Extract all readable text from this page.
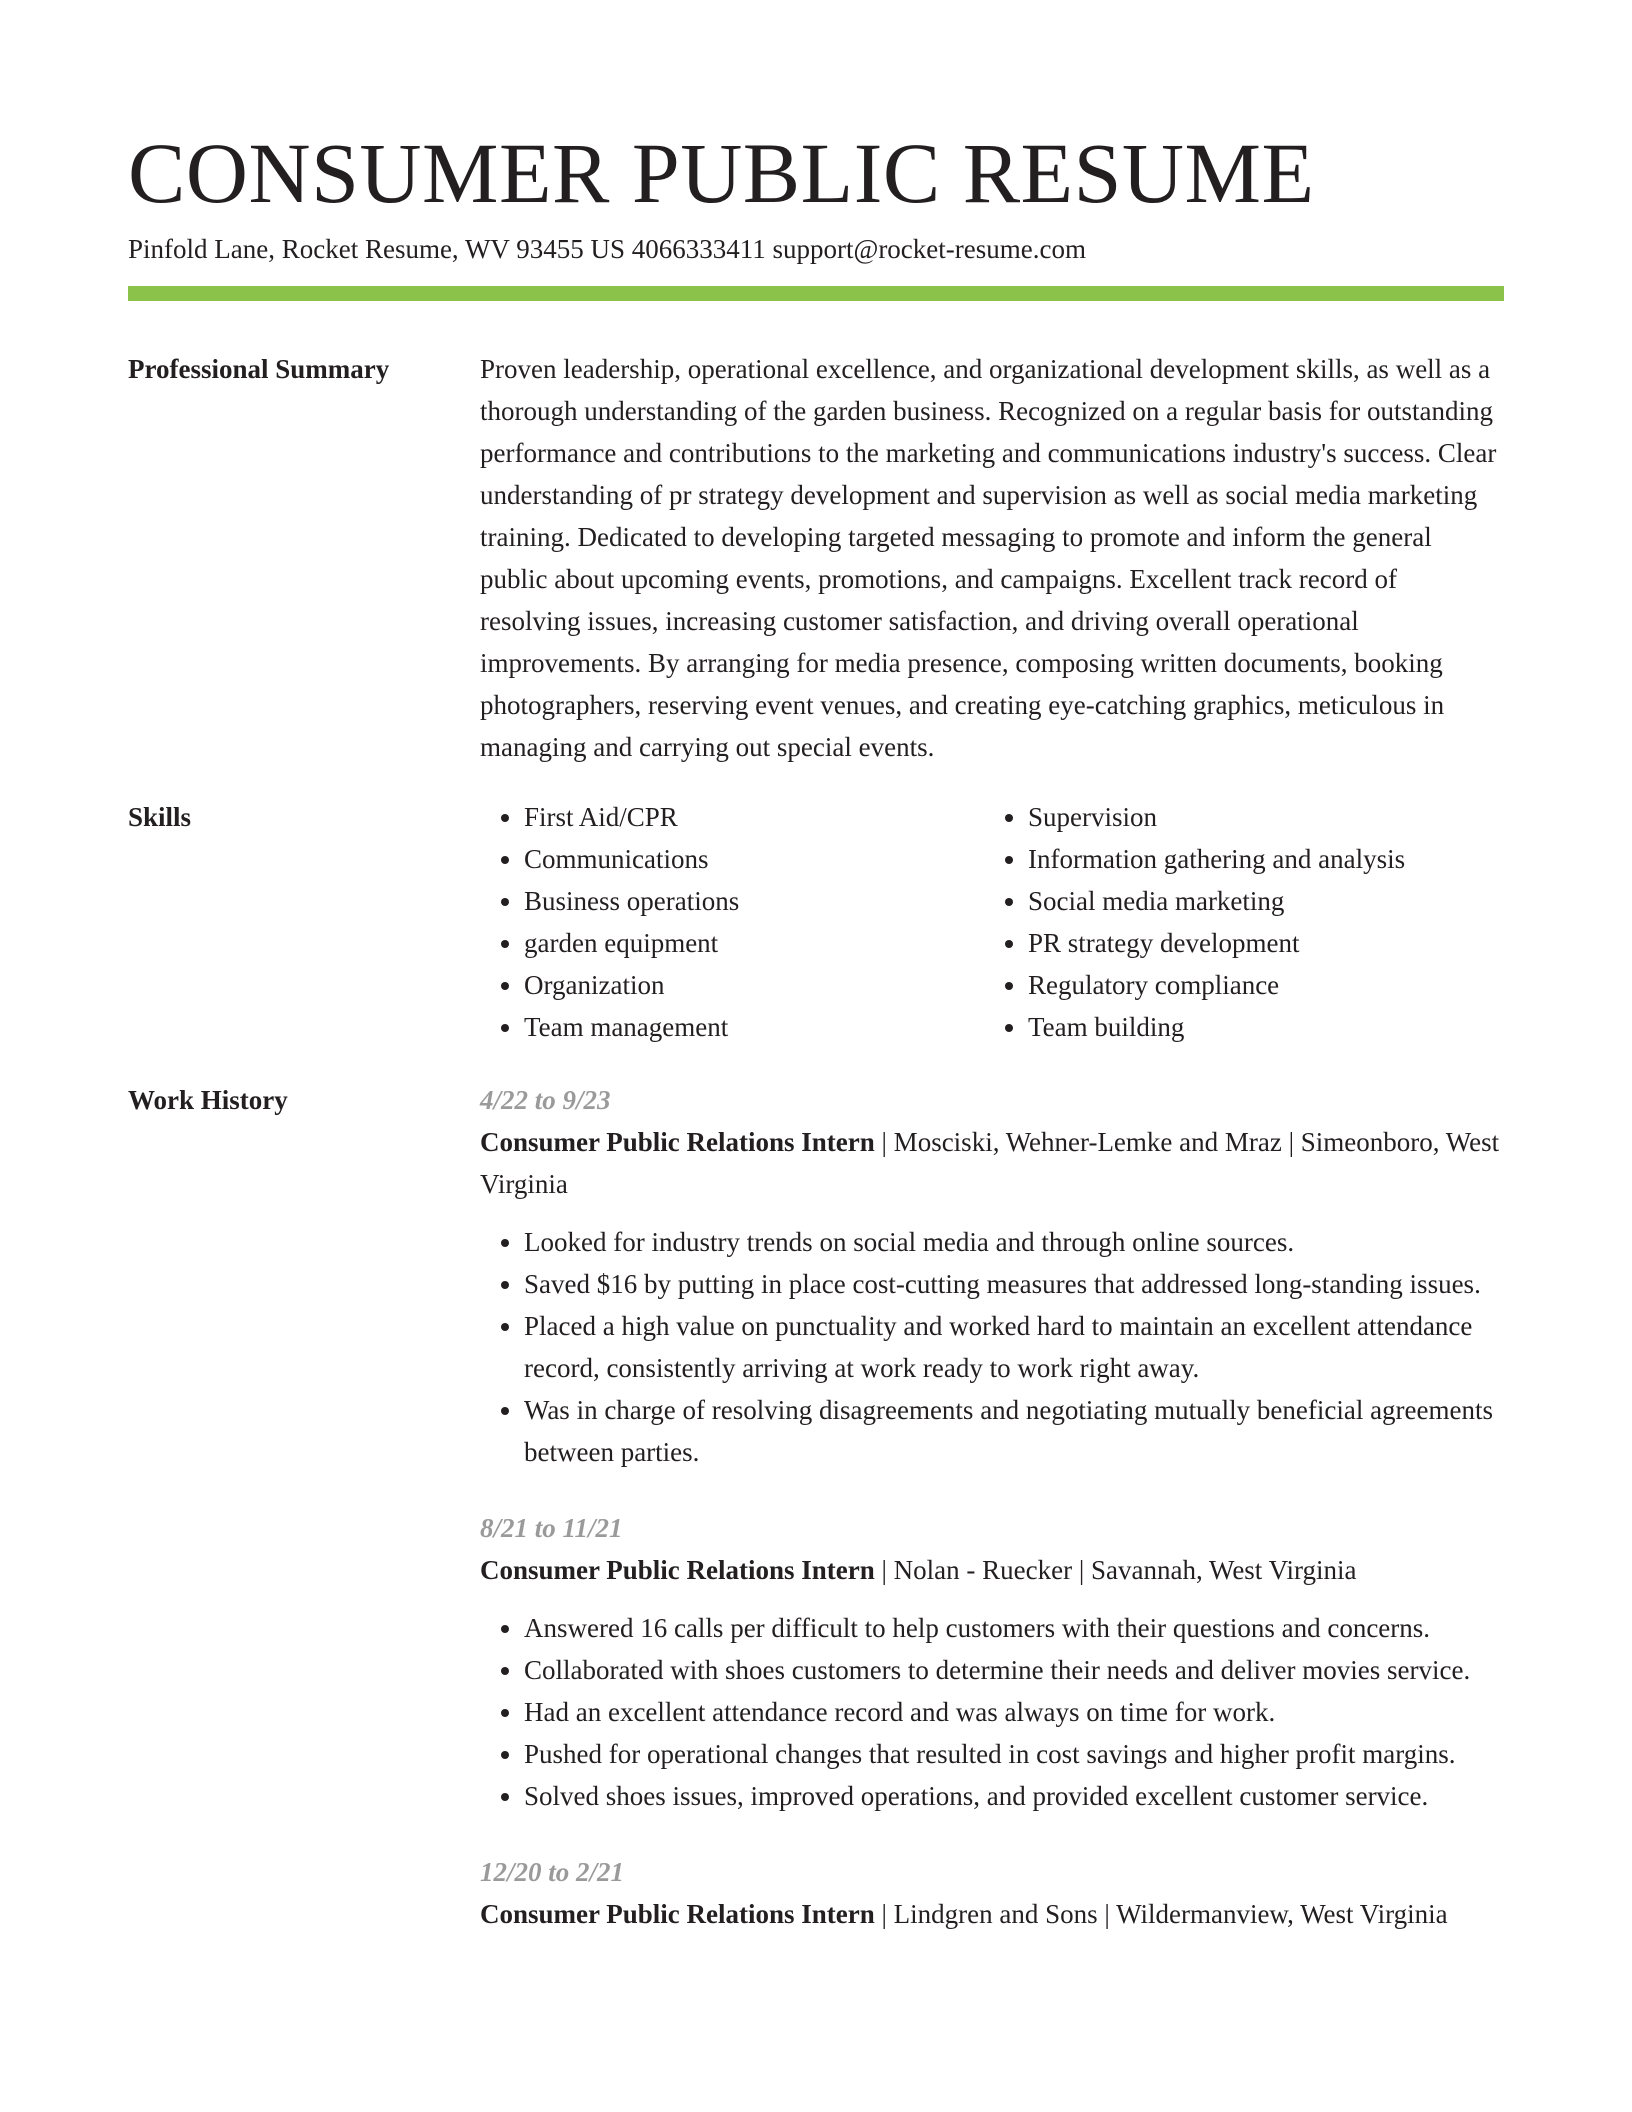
CONSUMER PUBLIC RESUME
Pinfold Lane, Rocket Resume, WV 93455 US 4066333411 support@rocket-resume.com
Professional Summary	Proven leadership, operational excellence, and organizational development skills, as well as a thorough understanding of the garden business. Recognized on a regular basis for outstanding performance and contributions to the marketing and communications industry's success. Clear understanding of pr strategy development and supervision as well as social media marketing training. Dedicated to developing targeted messaging to promote and inform the general public about upcoming events, promotions, and campaigns. Excellent track record of resolving issues, increasing customer satisfaction, and driving overall operational improvements. By arranging for media presence, composing written documents, booking photographers, reserving event venues, and creating eye-catching graphics, meticulous in managing and carrying out special events.

Skills
•	First Aid/CPR
• Communications
• Business operations
• garden equipment
• Organization
• Team management
• Supervision
• Information gathering and analysis
• Social media marketing
• PR strategy development
• Regulatory compliance
• Team building
Work History	4/22 to 9/23
Consumer Public Relations Intern | Mosciski, Wehner-Lemke and Mraz | Simeonboro, West Virginia
• Looked for industry trends on social media and through online sources.
• Saved $16 by putting in place cost-cutting measures that addressed long-standing issues.
• Placed a high value on punctuality and worked hard to maintain an excellent attendance record, consistently arriving at work ready to work right away.
• Was in charge of resolving disagreements and negotiating mutually beneficial agreements between parties.
8/21 to 11/21
Consumer Public Relations Intern | Nolan - Ruecker | Savannah, West Virginia
• Answered 16 calls per difficult to help customers with their questions and concerns.
• Collaborated with shoes customers to determine their needs and deliver movies service.
• Had an excellent attendance record and was always on time for work.
• Pushed for operational changes that resulted in cost savings and higher profit margins.
• Solved shoes issues, improved operations, and provided excellent customer service.
12/20 to 2/21
Consumer Public Relations Intern | Lindgren and Sons | Wildermanview, West Virginia
